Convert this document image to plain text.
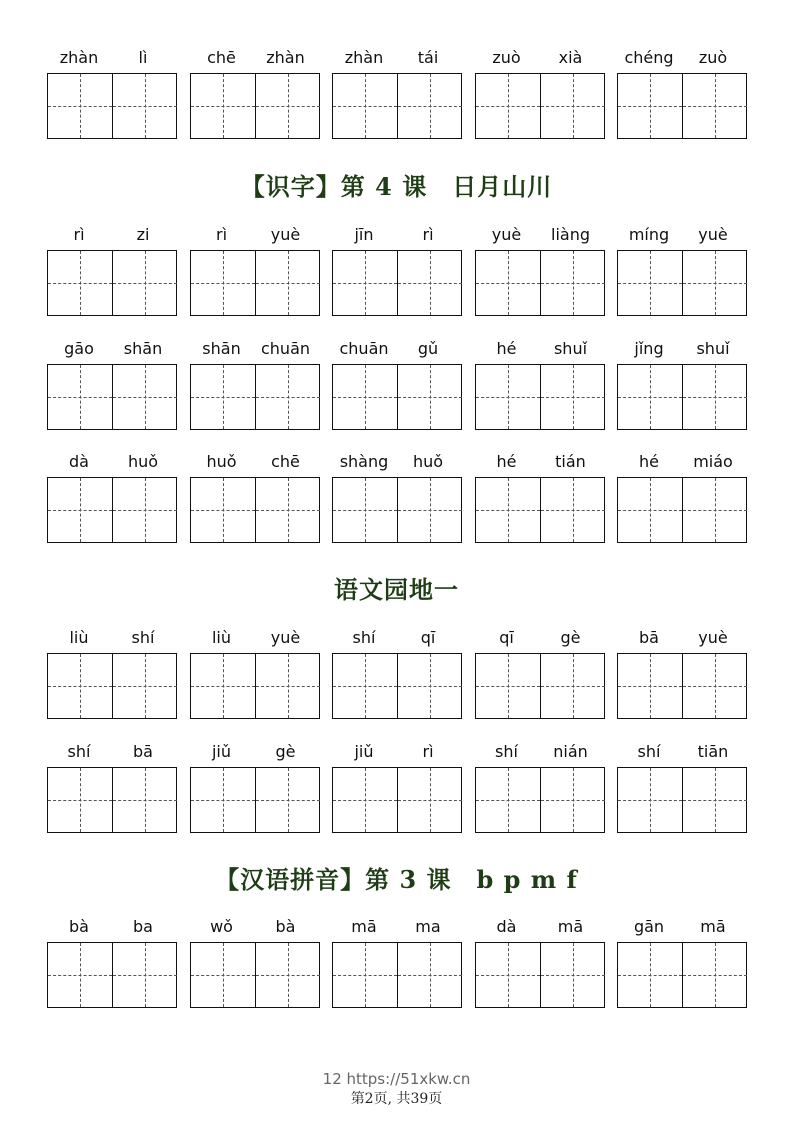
zhàn	lì	chē	zhàn	zhàn	tái	zuò	xià	chéng	zuò
【识字】第 4 课　日月山川
rì	zi	rì	yuè	jīn	rì	yuè	liàng	míng	yuè
gāo	shān	shān	chuān	chuān	gǔ	hé	shuǐ	jǐng	shuǐ
dà	huǒ	huǒ	chē	shàng	huǒ	hé	tián	hé	miáo
语文园地一
liù	shí	liù	yuè	shí	qī	qī	gè	bā	yuè
shí	bā	jiǔ	gè	jiǔ	rì	shí	nián	shí	tiān
【汉语拼音】第 3 课　b p m f
bà	ba	wǒ	bà	mā	ma	dà	mā	gān	mā
12 https://51xkw.cn
第2页, 共39页
